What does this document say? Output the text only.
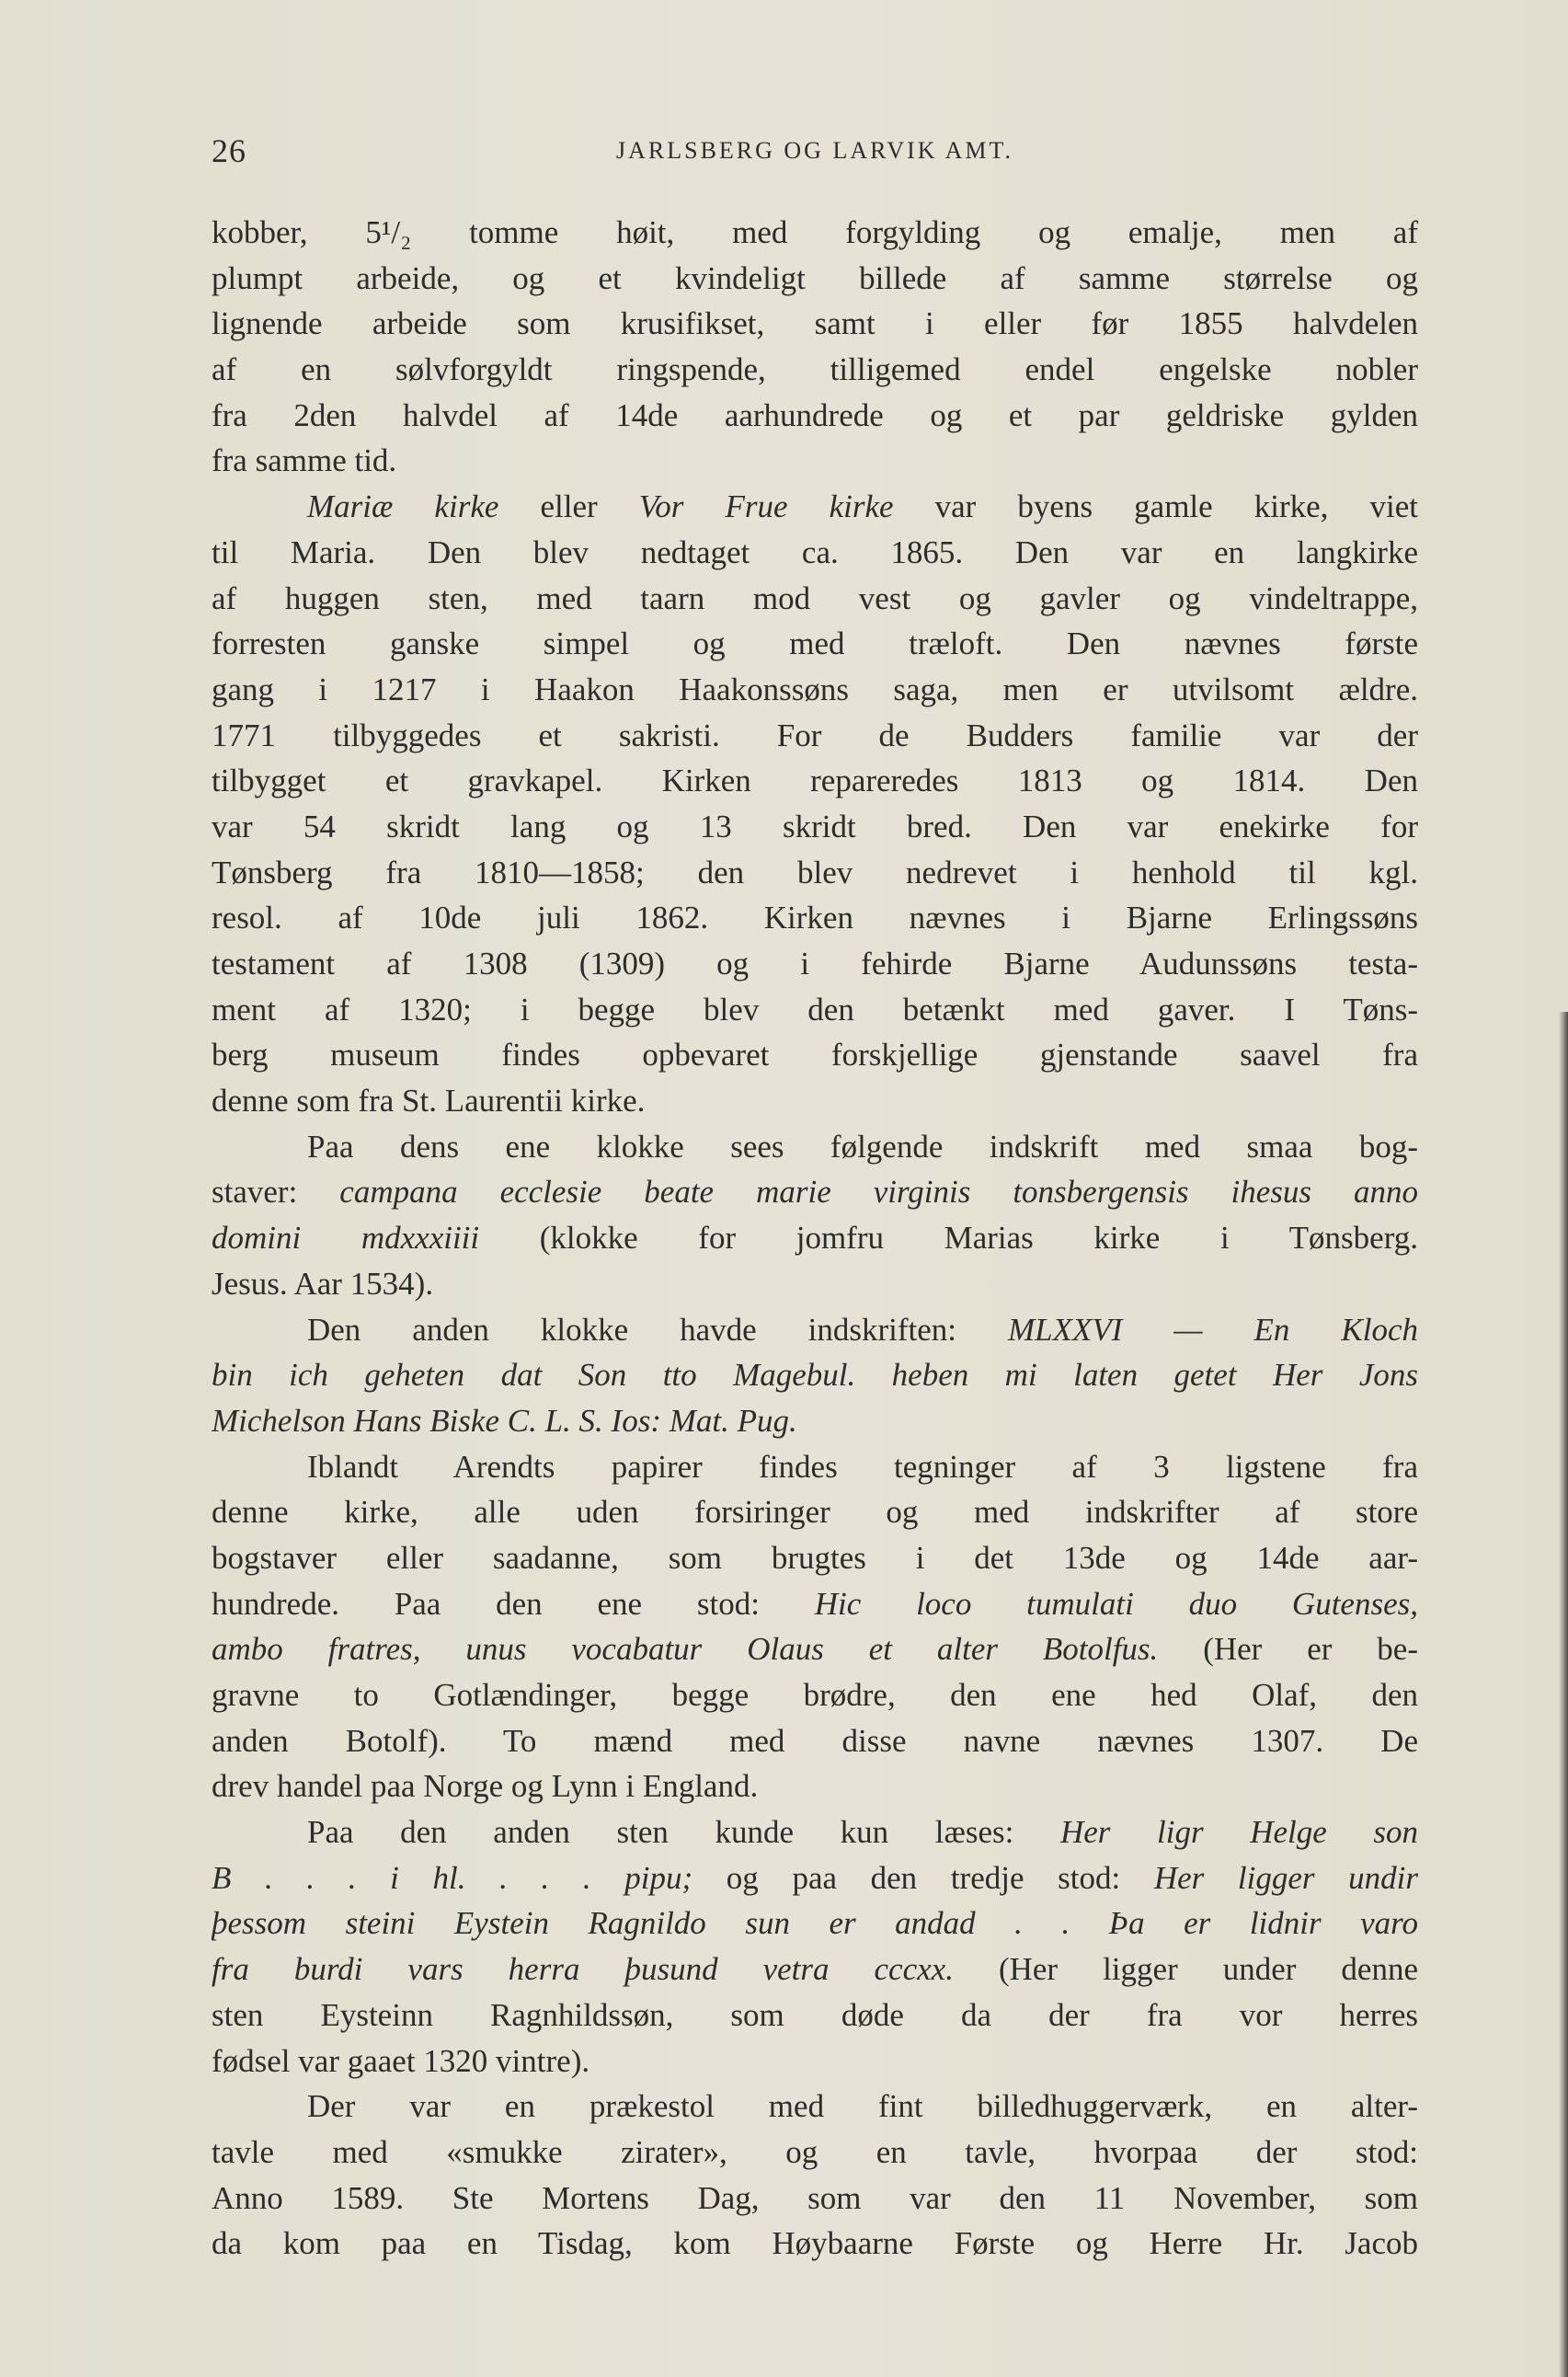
26	JARLSBERG OG LARVIK AMT.
kobber, 5¹/₂ tomme høit, med forgylding og emalje, men af
plumpt arbeide, og et kvindeligt billede af samme størrelse og
lignende arbeide som krusifikset, samt i eller før 1855 halvdelen
af en sølvforgyldt ringspende, tilligemed endel engelske nobler
fra 2den halvdel af 14de aarhundrede og et par geldriske gylden
fra samme tid.
Mariæ kirke eller Vor Frue kirke var byens gamle kirke, viet
til Maria. Den blev nedtaget ca. 1865. Den var en langkirke
af huggen sten, med taarn mod vest og gavler og vindeltrappe,
forresten ganske simpel og med træloft. Den nævnes første
gang i 1217 i Haakon Haakonssøns saga, men er utvilsomt ældre.
1771 tilbyggedes et sakristi. For de Budders familie var der
tilbygget et gravkapel. Kirken repareredes 1813 og 1814. Den
var 54 skridt lang og 13 skridt bred. Den var enekirke for
Tønsberg fra 1810—1858; den blev nedrevet i henhold til kgl.
resol. af 10de juli 1862. Kirken nævnes i Bjarne Erlingssøns
testament af 1308 (1309) og i fehirde Bjarne Audunssøns testa-
ment af 1320; i begge blev den betænkt med gaver. I Tøns-
berg museum findes opbevaret forskjellige gjenstande saavel fra
denne som fra St. Laurentii kirke.
Paa dens ene klokke sees følgende indskrift med smaa bog-
staver: campana ecclesie beate marie virginis tonsbergensis ihesus anno
domini mdxxxiiii (klokke for jomfru Marias kirke i Tønsberg.
Jesus. Aar 1534).
Den anden klokke havde indskriften: MLXXVI — En Kloch
bin ich geheten dat Son tto Magebul. heben mi laten getet Her Jons
Michelson Hans Biske C. L. S. Ios: Mat. Pug.
Iblandt Arendts papirer findes tegninger af 3 ligstene fra
denne kirke, alle uden forsiringer og med indskrifter af store
bogstaver eller saadanne, som brugtes i det 13de og 14de aar-
hundrede. Paa den ene stod: Hic loco tumulati duo Gutenses,
ambo fratres, unus vocabatur Olaus et alter Botolfus. (Her er be-
gravne to Gotlændinger, begge brødre, den ene hed Olaf, den
anden Botolf). To mænd med disse navne nævnes 1307. De
drev handel paa Norge og Lynn i England.
Paa den anden sten kunde kun læses: Her ligr Helge son
B . . . i hl. . . . pipu; og paa den tredje stod: Her ligger undir
þessom steini Eystein Ragnildo sun er andad . . Þa er lidnir varo
fra burdi vars herra þusund vetra cccxx. (Her ligger under denne
sten Eysteinn Ragnhildssøn, som døde da der fra vor herres
fødsel var gaaet 1320 vintre).
Der var en prækestol med fint billedhuggerværk, en alter-
tavle med «smukke zirater», og en tavle, hvorpaa der stod:
Anno 1589. Ste Mortens Dag, som var den 11 November, som
da kom paa en Tisdag, kom Høybaarne Første og Herre Hr. Jacob
